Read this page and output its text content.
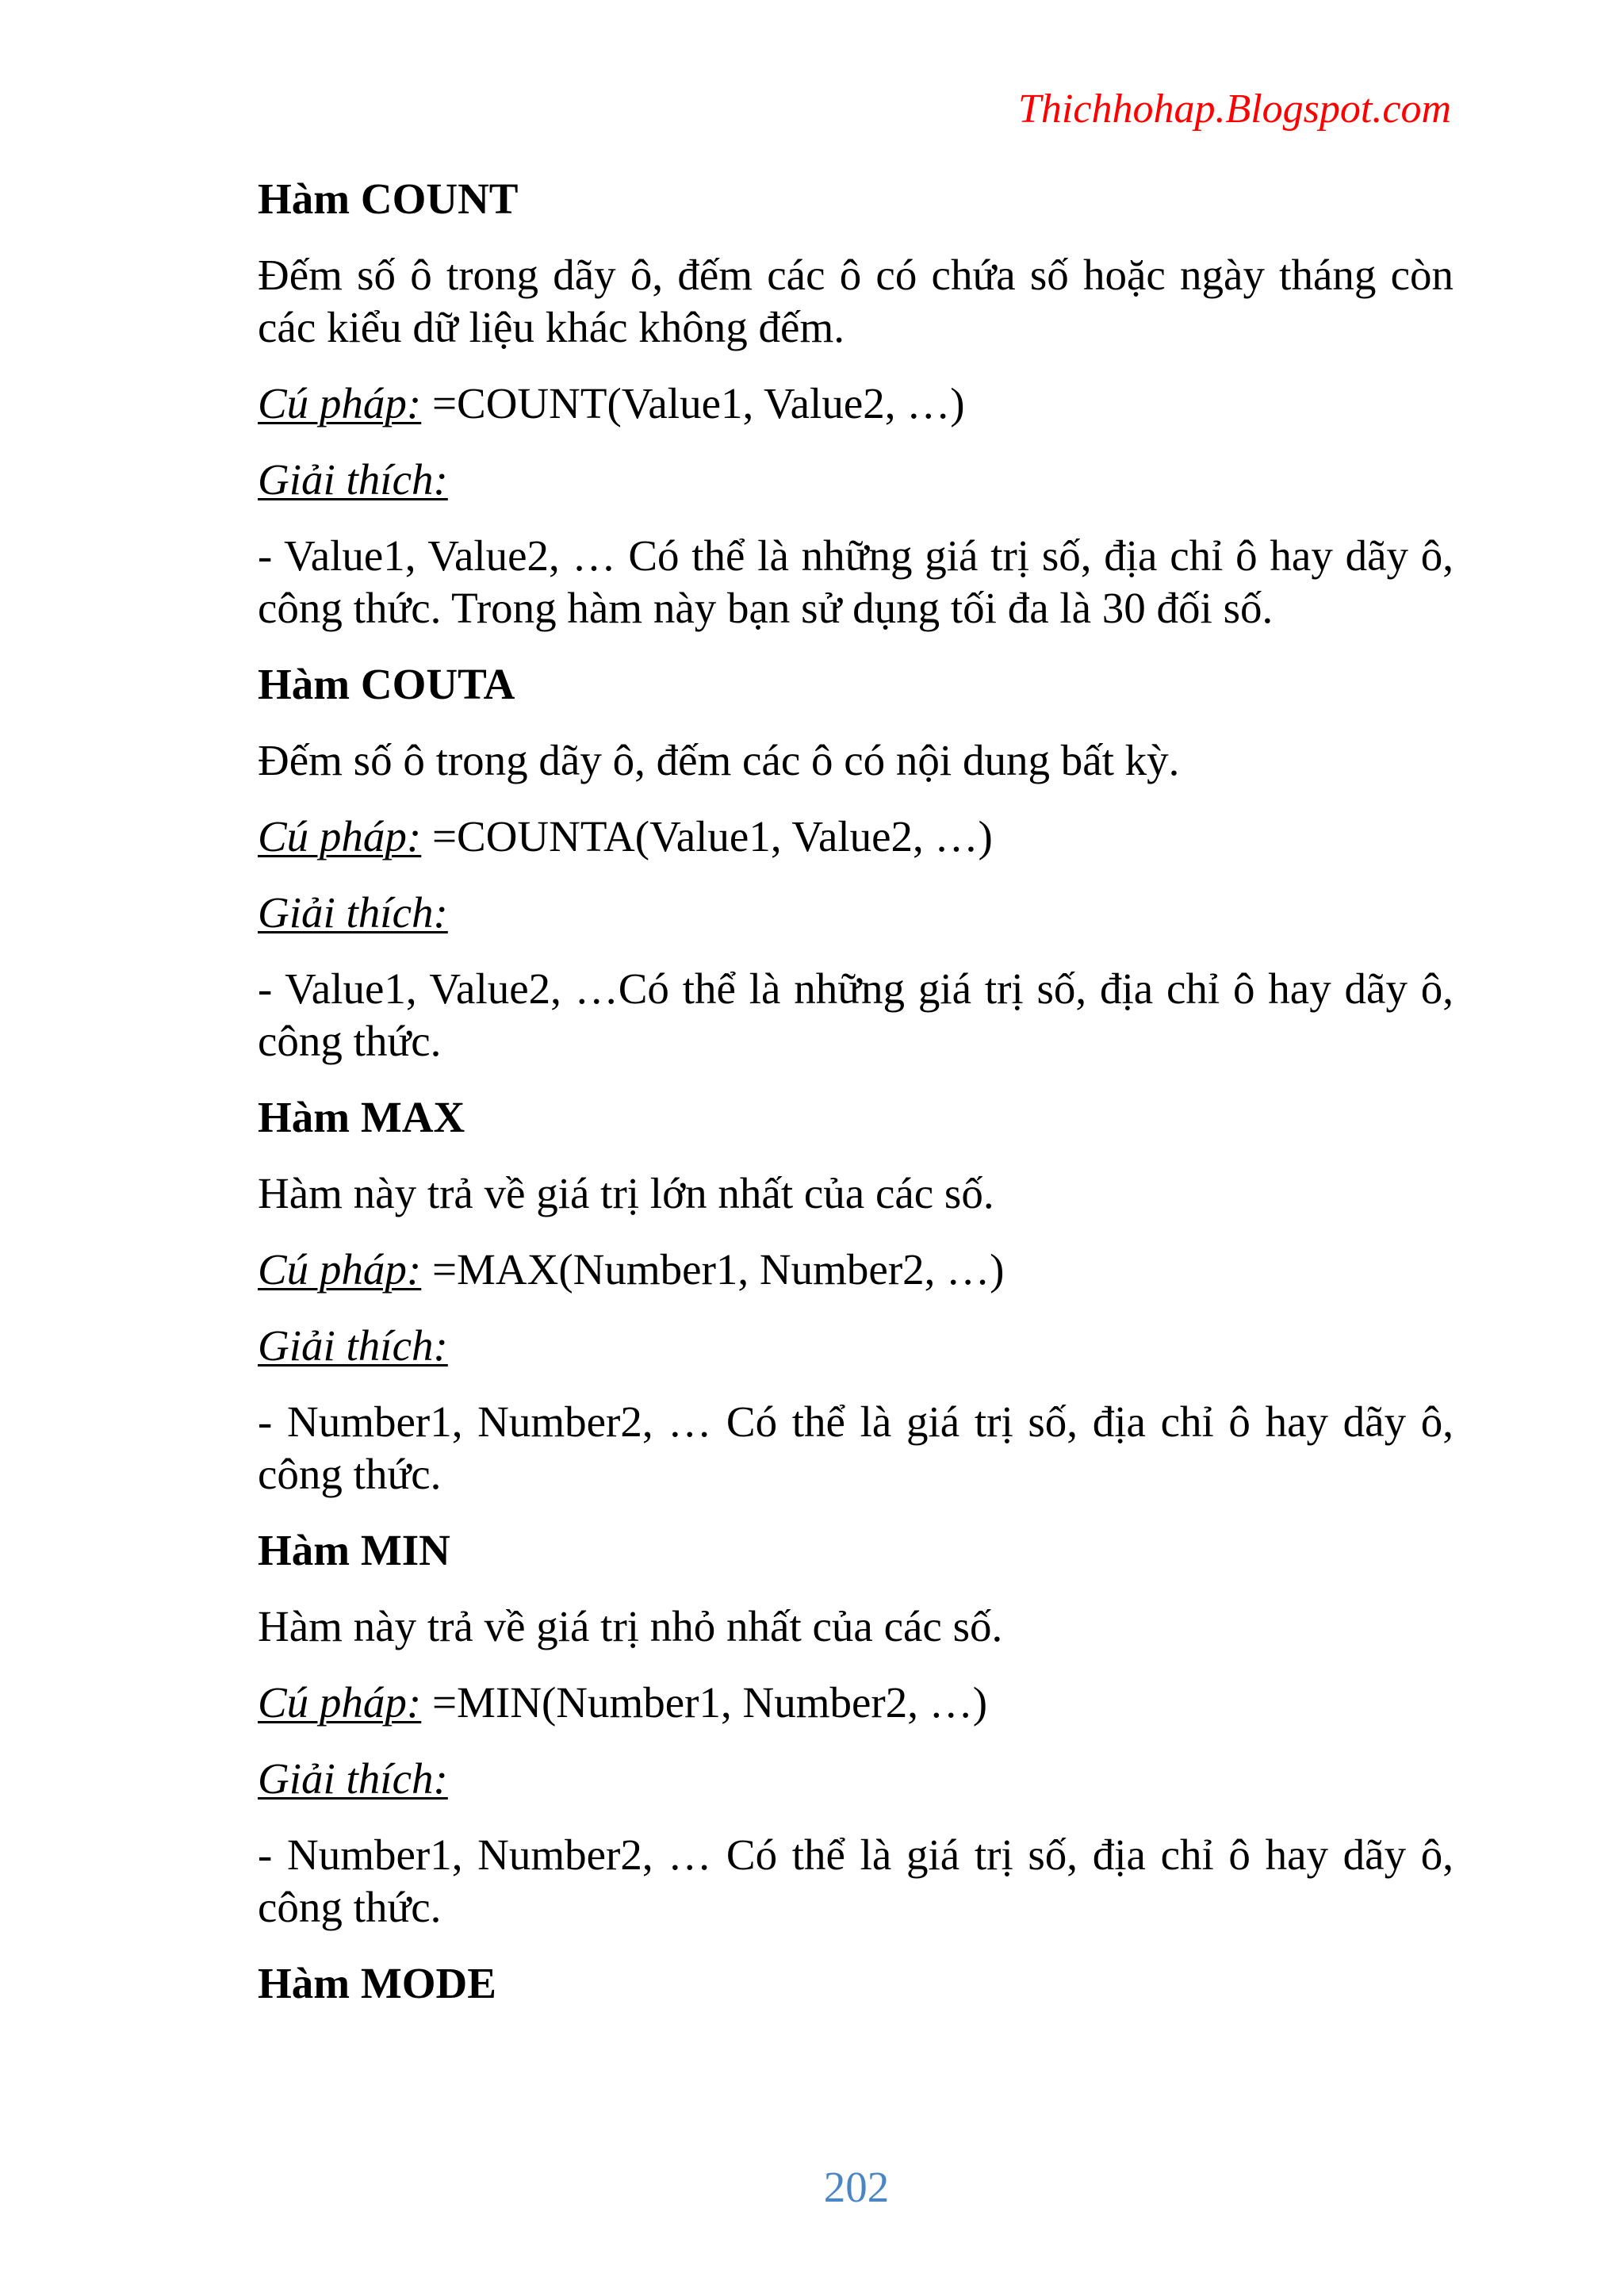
Thichhohap.Blogspot.com
Hàm COUNT
Đếm số ô trong dãy ô, đếm các ô có chứa số hoặc ngày tháng còn các kiểu dữ liệu khác không đếm.
Cú pháp: =COUNT(Value1, Value2, …)
Giải thích:
- Value1, Value2, … Có thể là những giá trị số, địa chỉ ô hay dãy ô, công thức. Trong hàm này bạn sử dụng tối đa là 30 đối số.
Hàm COUTA
Đếm số ô trong dãy ô, đếm các ô có nội dung bất kỳ.
Cú pháp: =COUNTA(Value1, Value2, …)
Giải thích:
- Value1, Value2, …Có thể là những giá trị số, địa chỉ ô hay dãy ô, công thức.
Hàm MAX
Hàm này trả về giá trị lớn nhất của các số.
Cú pháp: =MAX(Number1, Number2, …)
Giải thích:
- Number1, Number2, … Có thể là giá trị số, địa chỉ ô hay dãy ô, công thức.
Hàm MIN
Hàm này trả về giá trị nhỏ nhất của các số.
Cú pháp: =MIN(Number1, Number2, …)
Giải thích:
- Number1, Number2, … Có thể là giá trị số, địa chỉ ô hay dãy ô, công thức.
Hàm MODE
202
